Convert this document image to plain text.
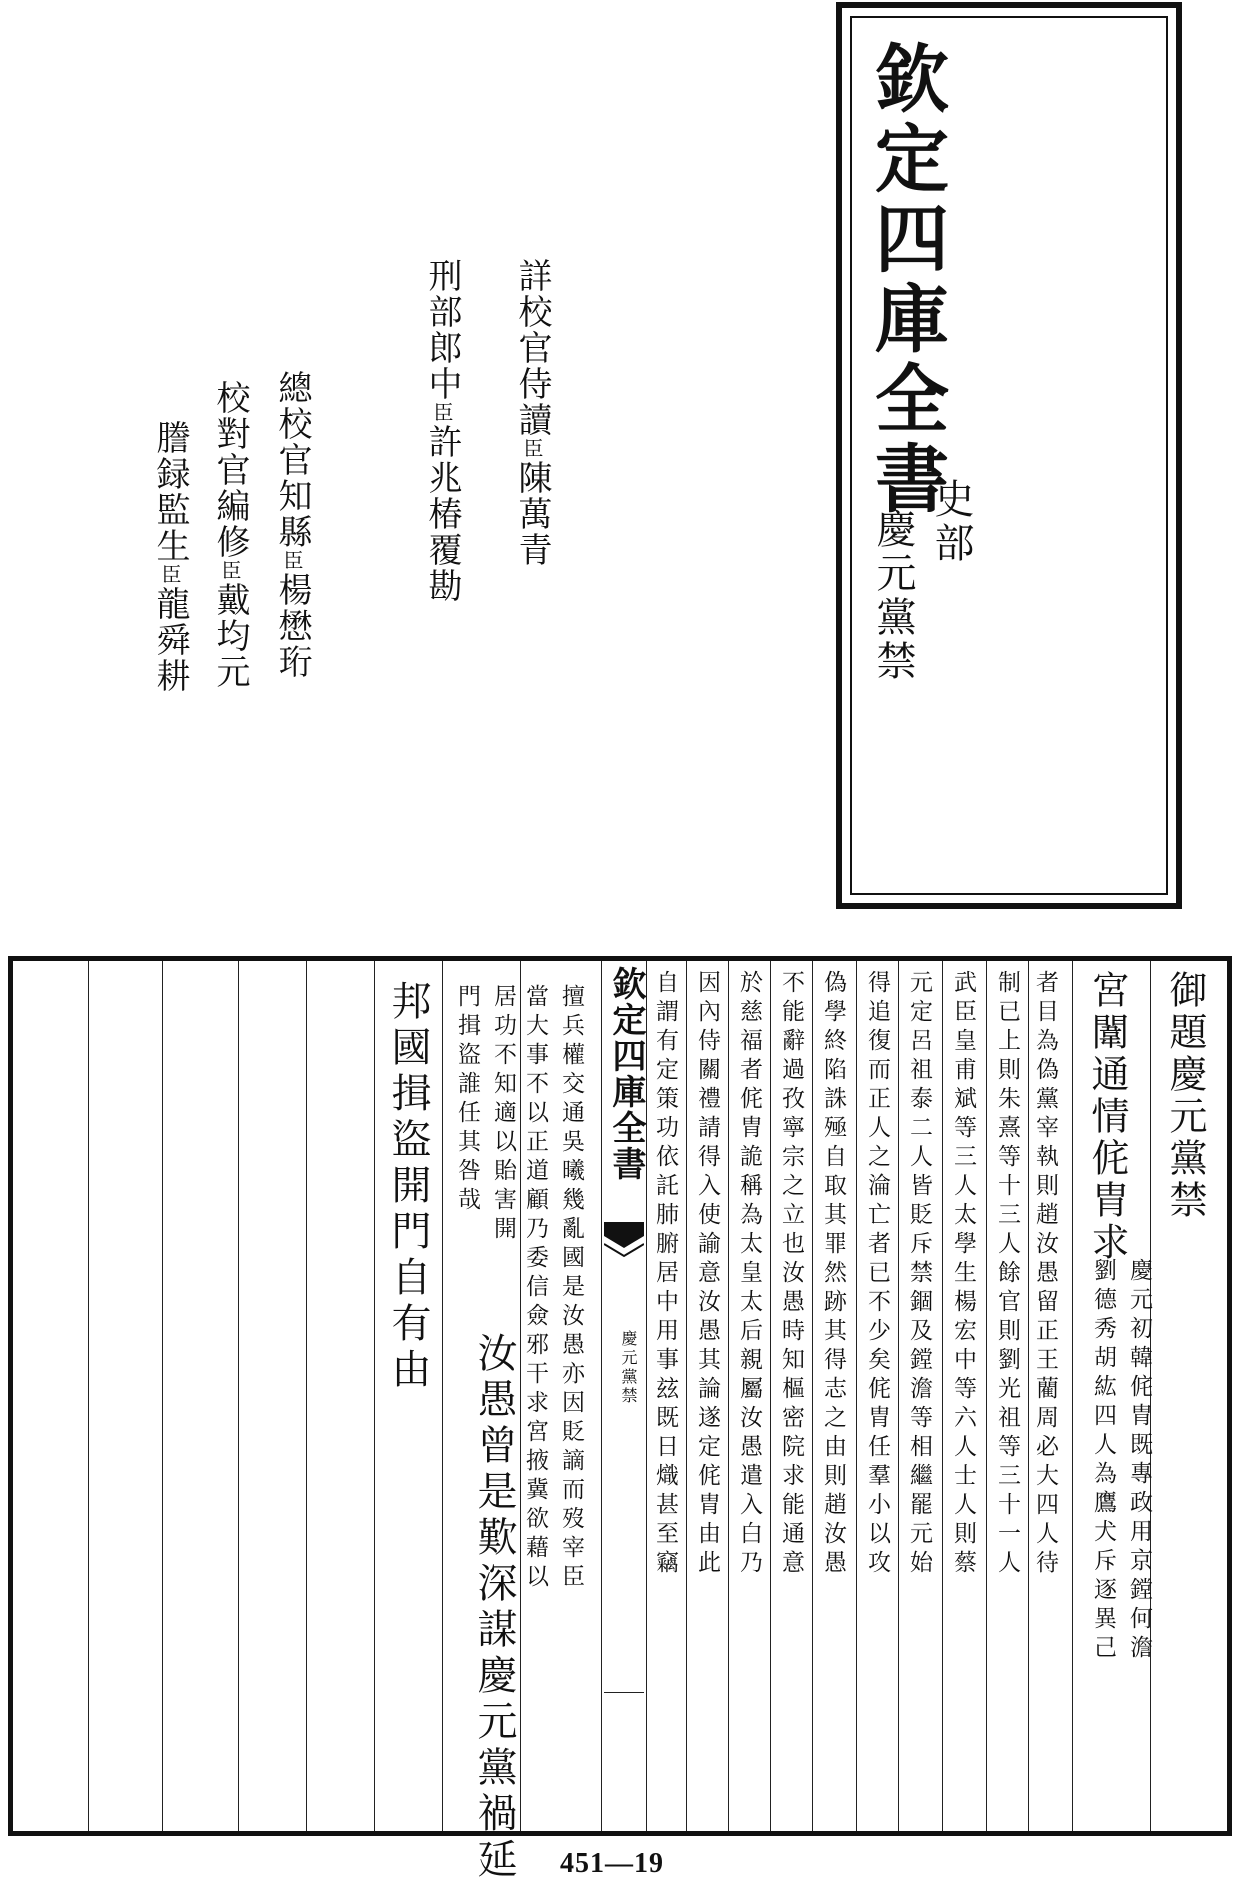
欽定四庫全書
史部
慶元黨禁
詳校官侍讀臣陳萬青
刑部郎中臣許兆椿覆勘
總校官知縣臣楊懋珩
校對官編修臣戴均元
謄録監生臣龍舜耕
御題慶元黨禁
宮闈通情侂胄求
慶元初韓侂胄既專政用京鏜何澹
劉德秀胡紘四人為鷹犬斥逐異己
者目為偽黨宰執則趙汝愚留正王藺周必大四人待
制已上則朱熹等十三人餘官則劉光祖等三十一人
武臣皇甫斌等三人太學生楊宏中等六人士人則蔡
元定呂祖泰二人皆貶斥禁錮及鏜澹等相繼罷元始
得追復而正人之淪亡者已不少矣侂胄任羣小以攻
偽學終陷誅殛自取其罪然跡其得志之由則趙汝愚
不能辭過孜寧宗之立也汝愚時知樞密院求能通意
於慈福者侂胄詭稱為太皇太后親屬汝愚遣入白乃
因內侍關禮請得入使諭意汝愚其論遂定侂胄由此
自謂有定策功依託肺腑居中用事玆既日熾甚至竊
欽定四庫全書
慶元黨禁
擅兵權交通吳曦幾亂國是汝愚亦因貶謫而歿宰臣
當大事不以正道顧乃委信僉邪干求宮掖冀欲藉以
居功不知適以貽害開
門揖盜誰任其咎哉
汝愚曾是歎深謀慶元黨禍延
邦國揖盜開門自有由
451—19
